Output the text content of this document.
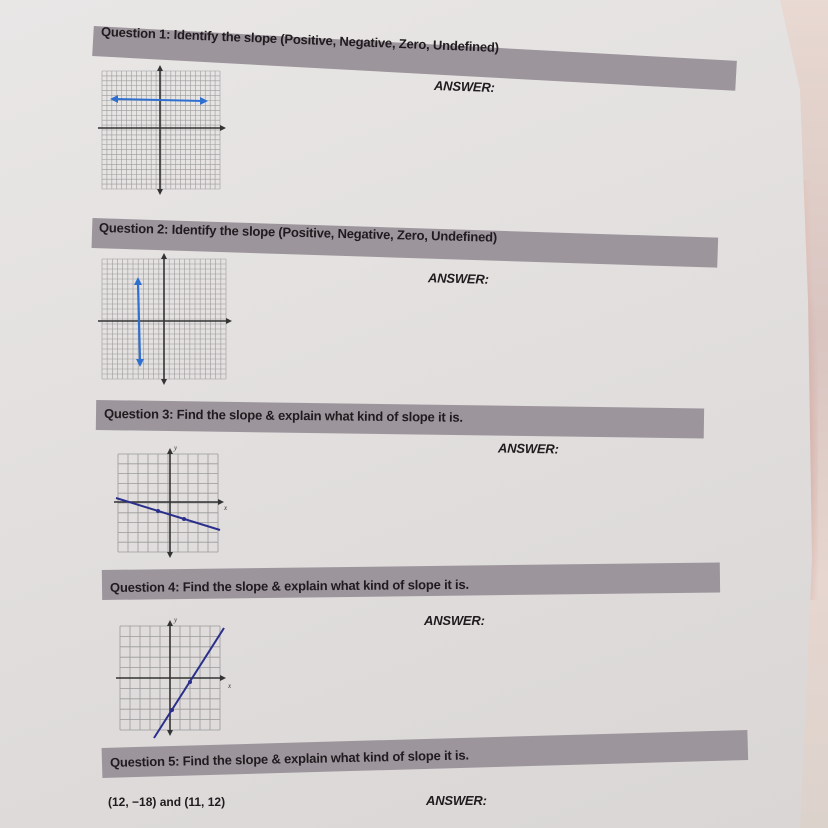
Question 1: Identify the slope (Positive, Negative, Zero, Undefined)
ANSWER:
Question 2: Identify the slope (Positive, Negative, Zero, Undefined)
ANSWER:
Question 3: Find the slope & explain what kind of slope it is.
ANSWER:
y
x
Question 4: Find the slope & explain what kind of slope it is.
ANSWER:
y
x
Question 5: Find the slope & explain what kind of slope it is.
(12, −18) and (11, 12)	ANSWER:
